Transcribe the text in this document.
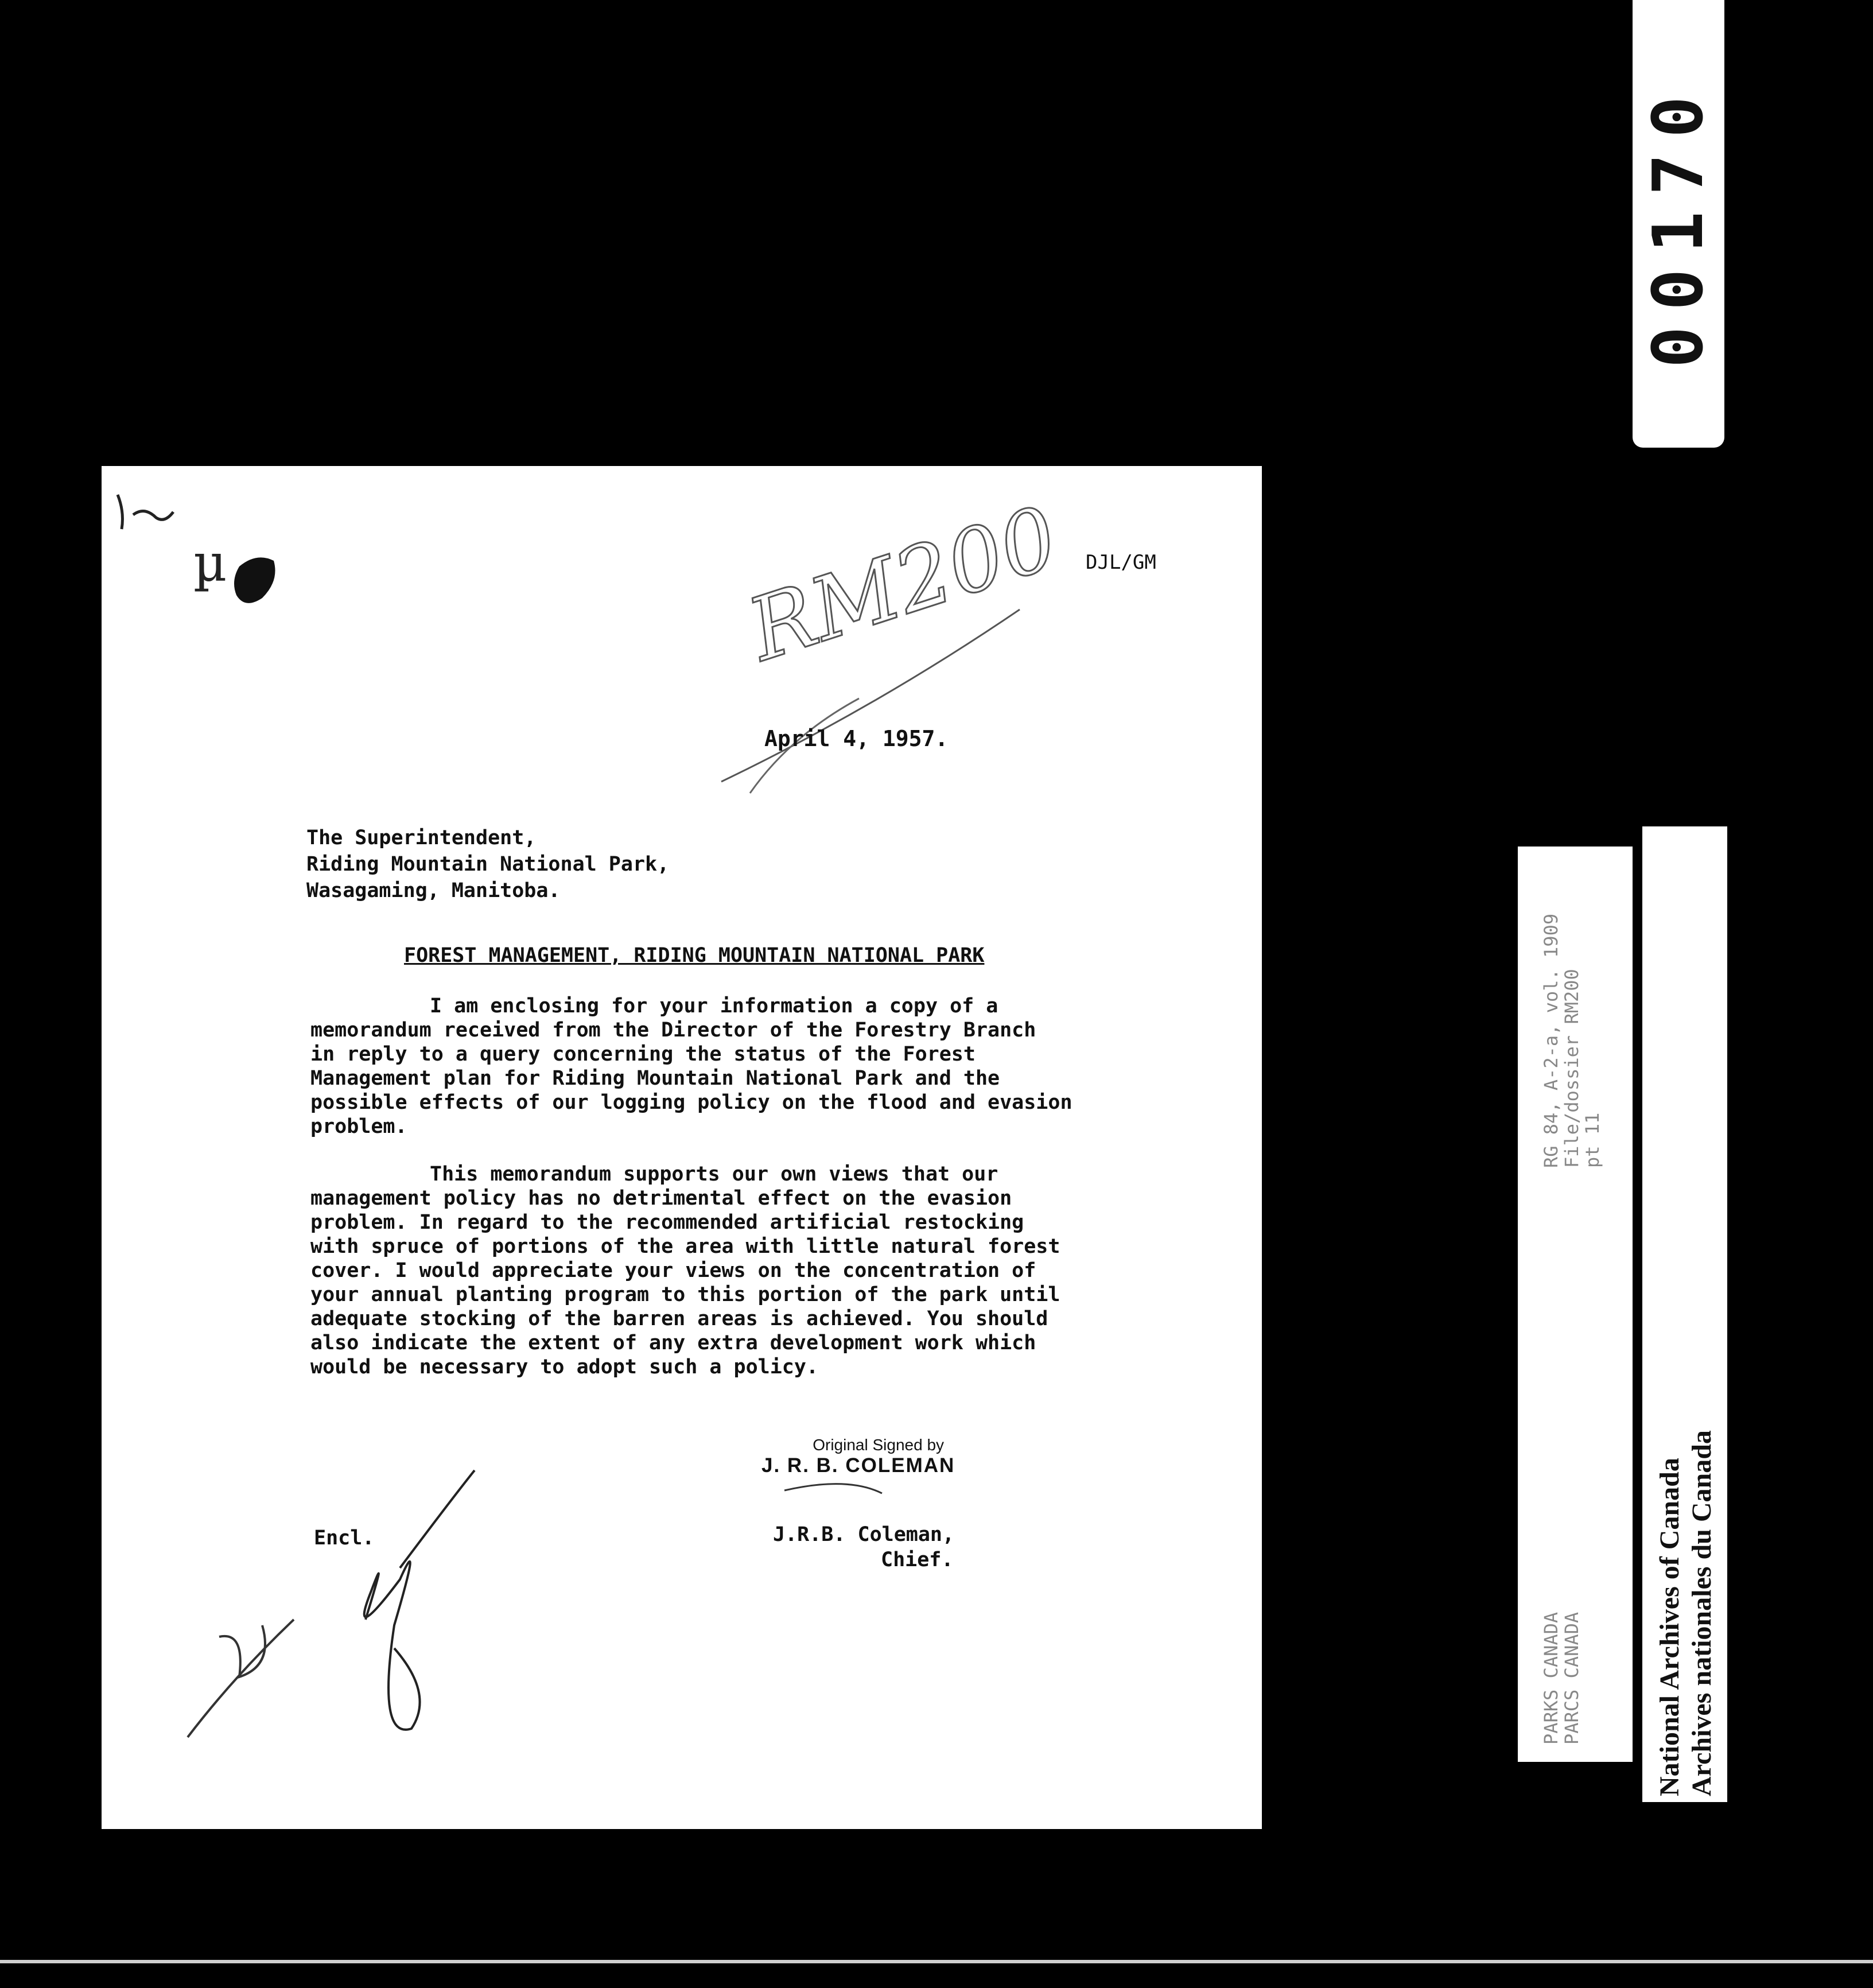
µ	RM200 DJL/GM
April 4, 1957.
The Superintendent,
Riding Mountain National Park,
Wasagaming, Manitoba.
FOREST MANAGEMENT, RIDING MOUNTAIN NATIONAL PARK
I am enclosing for your information a copy of a
memorandum received from the Director of the Forestry Branch
in reply to a query concerning the status of the Forest
Management plan for Riding Mountain National Park and the
possible effects of our logging policy on the flood and evasion
problem.
This memorandum supports our own views that our
management policy has no detrimental effect on the evasion
problem. In regard to the recommended artificial restocking
with spruce of portions of the area with little natural forest
cover. I would appreciate your views on the concentration of
your annual planting program to this portion of the park until
adequate stocking of the barren areas is achieved. You should
also indicate the extent of any extra development work which
would be necessary to adopt such a policy.
Original Signed by
J. R. B. COLEMAN
Encl.	J.R.B. Coleman,
Chief.
00170
RG 84, A-2-a, vol. 1909
File/dossier RM200
pt 11
PARKS CANADA
PARCS CANADA	National Archives of Canada Archives nationales du Canada
